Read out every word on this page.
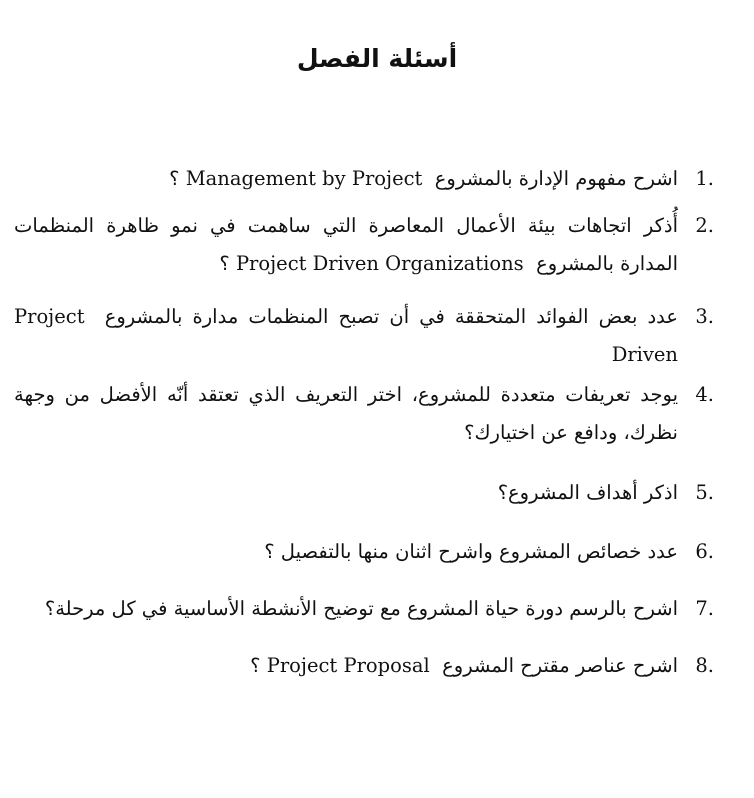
أسئلة الفصل
1.
اشرح مفهوم الإدارة بالمشروع  Management by Project ؟
2.
أُذكر اتجاهات بيئة الأعمال المعاصرة التي ساهمت في نمو ظاهرة المنظمات المدارة بالمشروع  Project Driven Organizations ؟
3.
عدد بعض الفوائد المتحققة في أن تصبح المنظمات مدارة بالمشروع  Project Driven
4.
يوجد تعريفات متعددة للمشروع، اختر التعريف الذي تعتقد أنّه الأفضل من وجهة نظرك، ودافع عن اختيارك؟
5.
اذكر أهداف المشروع؟
6.
عدد خصائص المشروع واشرح اثنان منها بالتفصيل ؟
7.
اشرح بالرسم دورة حياة المشروع مع توضيح الأنشطة الأساسية في كل مرحلة؟
8.
اشرح عناصر مقترح المشروع  Project Proposal ؟
